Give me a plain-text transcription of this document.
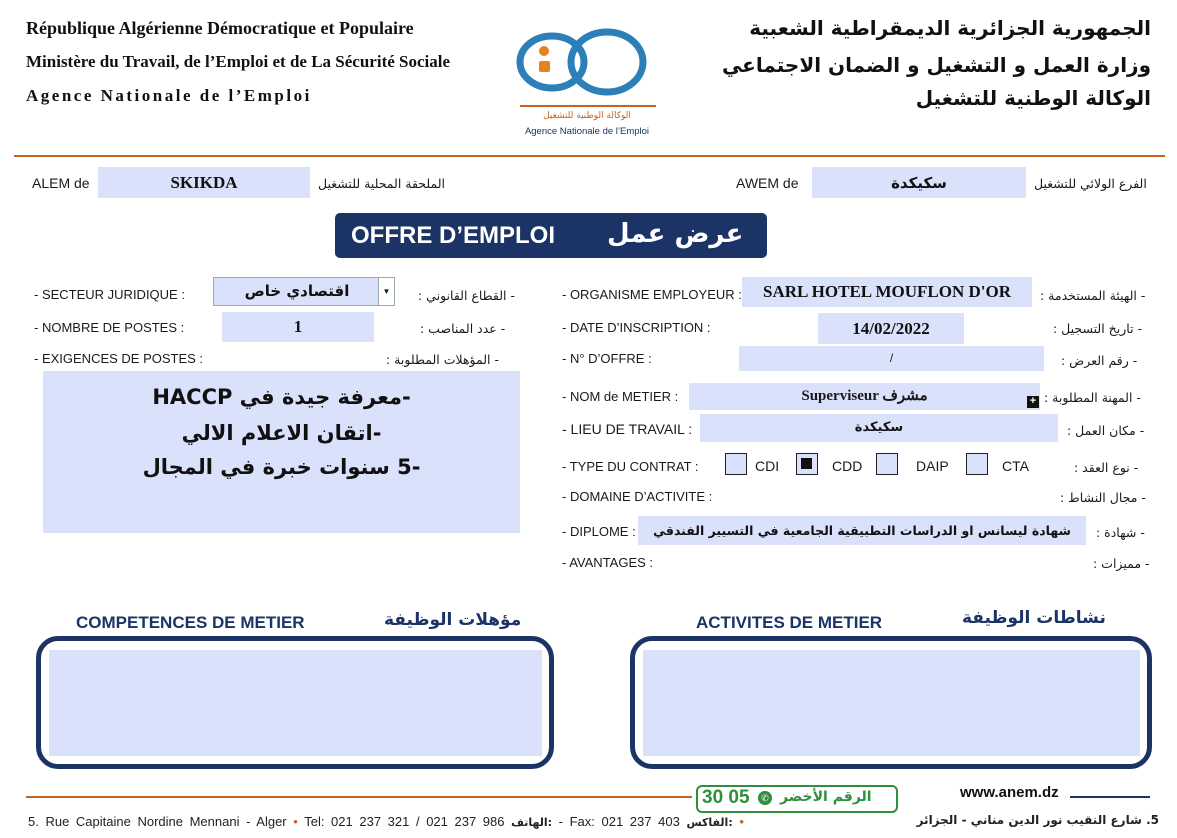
République Algérienne Démocratique et Populaire
Ministère du Travail, de l’Emploi et de La Sécurité Sociale
Agence Nationale de l’Emploi
الوكالة الوطنية للتشغيل
Agence Nationale de l’Emploi
الجمهورية الجزائرية الديمقراطية الشعبية
وزارة العمل و التشغيل و الضمان الاجتماعي
الوكالة الوطنية للتشغيل
ALEM de	SKIKDA	الملحقة المحلية للتشغيل	AWEM de	سكيكدة	الفرع الولائي للتشغيل
OFFRE D’EMPLOI عرض عمل
- SECTEUR JURIDIQUE :	اقتصادي خاص	▼ - القطاع القانوني :
- NOMBRE DE POSTES :	1	- عدد المناصب :
- EXIGENCES DE POSTES :	- المؤهلات المطلوبة :
-معرفة جيدة في HACCP
-اتقان الاعلام الالي
-5 سنوات خبرة في المجال
- ORGANISME EMPLOYEUR :	SARL HOTEL MOUFLON D'OR	- الهيئة المستخدمة :
- DATE D’INSCRIPTION :	14/02/2022	- تاريخ التسجيل :
- N° D’OFFRE :	/	- رقم العرض :
- NOM de METIER :	Superviseur مشرف	+ - المهنة المطلوبة :
- LIEU DE TRAVAIL :	سكيكدة	- مكان العمل :
- TYPE DU CONTRAT :	CDI	CDD	DAIP	CTA	- نوع العقد :
- DOMAINE D’ACTIVITE :	- مجال النشاط :
- DIPLOME :	شهادة ليسانس او الدراسات التطبيقية الجامعية في التسيير الفندقي	- شهادة :
- AVANTAGES :	- مميزات :
COMPETENCES DE METIER	مؤهلات الوظيفة	ACTIVITES DE METIER	نشاطات الوظيفة
30 05	✆ الرقم الأخضر	www.anem.dz
5. Rue Capitaine Nordine Mennani - Alger • Tel: 021 237 321 / 021 237 986 الهاتف: - Fax: 021 237 403 الفاكس: •	5. شارع النقيب نور الدين مناني - الجزائر
